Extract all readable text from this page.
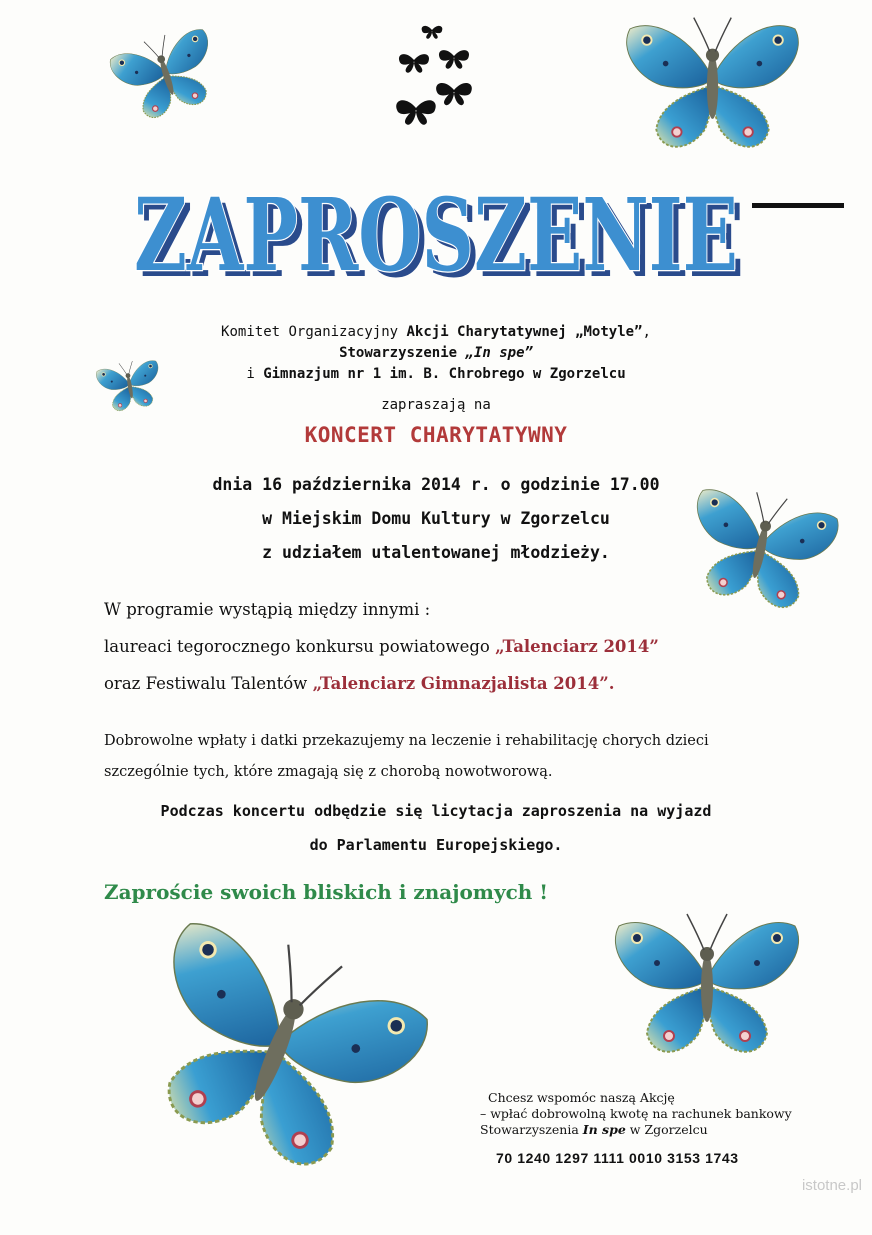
ZAPROSZENIE
ZAPROSZENIE
Komitet Organizacyjny Akcji Charytatywnej „Motyle”,
Stowarzyszenie „In spe”
i Gimnazjum nr 1 im. B. Chrobrego w Zgorzelcu
zapraszają na
KONCERT CHARYTATYWNY
dnia 16 października 2014 r. o godzinie 17.00
w Miejskim Domu Kultury w Zgorzelcu
z udziałem utalentowanej młodzieży.
W programie wystąpią między innymi :
laureaci tegorocznego konkursu powiatowego „Talenciarz 2014”
oraz Festiwalu Talentów „Talenciarz Gimnazjalista 2014”.
Dobrowolne wpłaty i datki przekazujemy na leczenie i rehabilitację chorych dzieci
szczególnie tych, które zmagają się z chorobą nowotworową.
Podczas koncertu odbędzie się licytacja zaproszenia na wyjazd
do Parlamentu Europejskiego.
Zaproście swoich bliskich i znajomych !
Chcesz wspomóc naszą Akcję
– wpłać dobrowolną kwotę na rachunek bankowy
Stowarzyszenia In spe w Zgorzelcu
70 1240 1297 1111 0010 3153 1743
istotne.pl
